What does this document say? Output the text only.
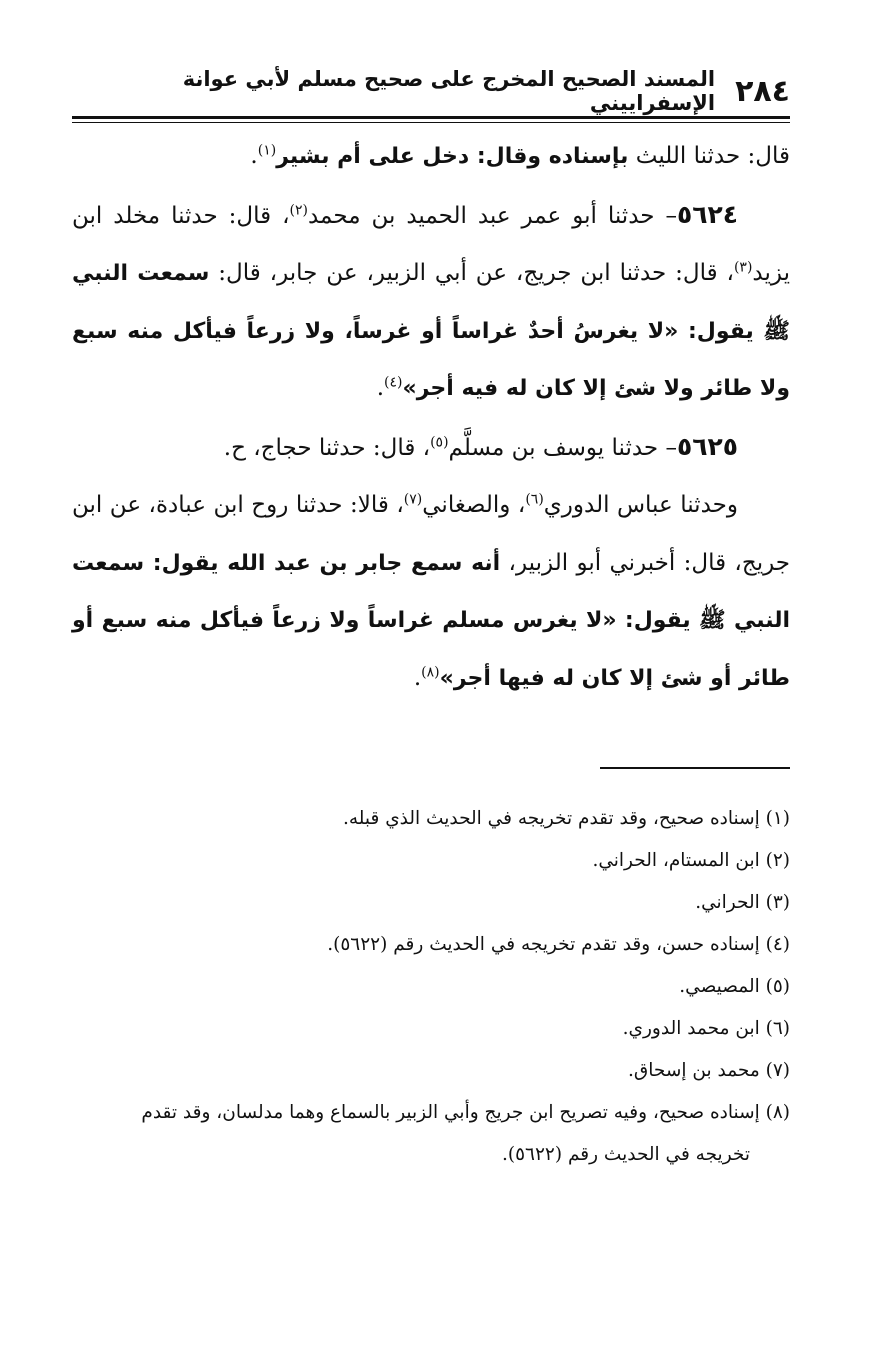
٢٨٤
المسند الصحيح المخرج على صحيح مسلم لأبي عوانة الإسفراييني

قال: حدثنا الليث بإسناده وقال: دخل على أم بشير$^{(١)}$.

٥٦٢٤– حدثنا أبو عمر عبد الحميد بن محمد$^{(٢)}$، قال: حدثنا مخلد ابن يزيد$^{(٣)}$، قال: حدثنا ابن جريج، عن أبي الزبير، عن جابر، قال: سمعت النبي ﷺ يقول: «لا يغرسُ أحدٌ غراساً أو غرساً، ولا زرعاً فيأكل منه سبع ولا طائر ولا شئ إلا كان له فيه أجر»$^{(٤)}$.

٥٦٢٥– حدثنا يوسف بن مسلَّم$^{(٥)}$، قال: حدثنا حجاج، ح.

وحدثنا عباس الدوري$^{(٦)}$، والصغاني$^{(٧)}$، قالا: حدثنا روح ابن عبادة، عن ابن جريج، قال: أخبرني أبو الزبير، أنه سمع جابر بن عبد الله يقول: سمعت النبي ﷺ يقول: «لا يغرس مسلم غراساً ولا زرعاً فيأكل منه سبع أو طائر أو شئ إلا كان له فيها أجر»$^{(٨)}$.

(١) إسناده صحيح، وقد تقدم تخريجه في الحديث الذي قبله.

(٢) ابن المستام، الحراني.

(٣) الحراني.

(٤) إسناده حسن، وقد تقدم تخريجه في الحديث رقم (٥٦٢٢).

(٥) المصيصي.

(٦) ابن محمد الدوري.

(٧) محمد بن إسحاق.

(٨) إسناده صحيح، وفيه تصريح ابن جريج وأبي الزبير بالسماع وهما مدلسان، وقد تقدم

تخريجه في الحديث رقم (٥٦٢٢).
